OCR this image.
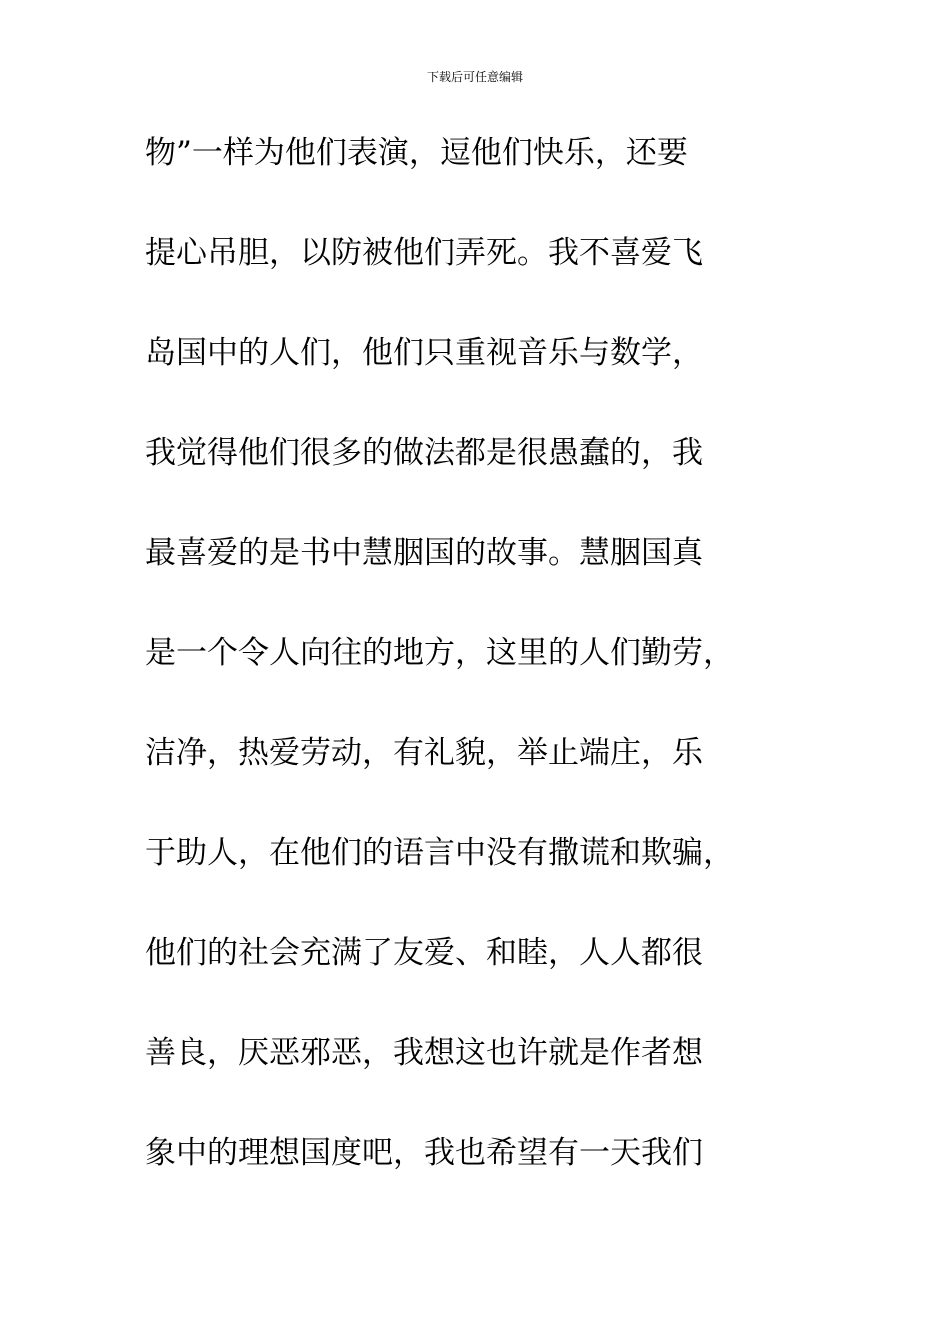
下载后可任意编辑
物”一样为他们表演，逗他们快乐，还要
提心吊胆，以防被他们弄死。我不喜爱飞
岛国中的人们，他们只重视音乐与数学，
我觉得他们很多的做法都是很愚蠢的，我
最喜爱的是书中慧胭国的故事。慧胭国真
是一个令人向往的地方，这里的人们勤劳，
洁净，热爱劳动，有礼貌，举止端庄，乐
于助人，在他们的语言中没有撒谎和欺骗，
他们的社会充满了友爱、和睦，人人都很
善良，厌恶邪恶，我想这也许就是作者想
象中的理想国度吧，我也希望有一天我们
